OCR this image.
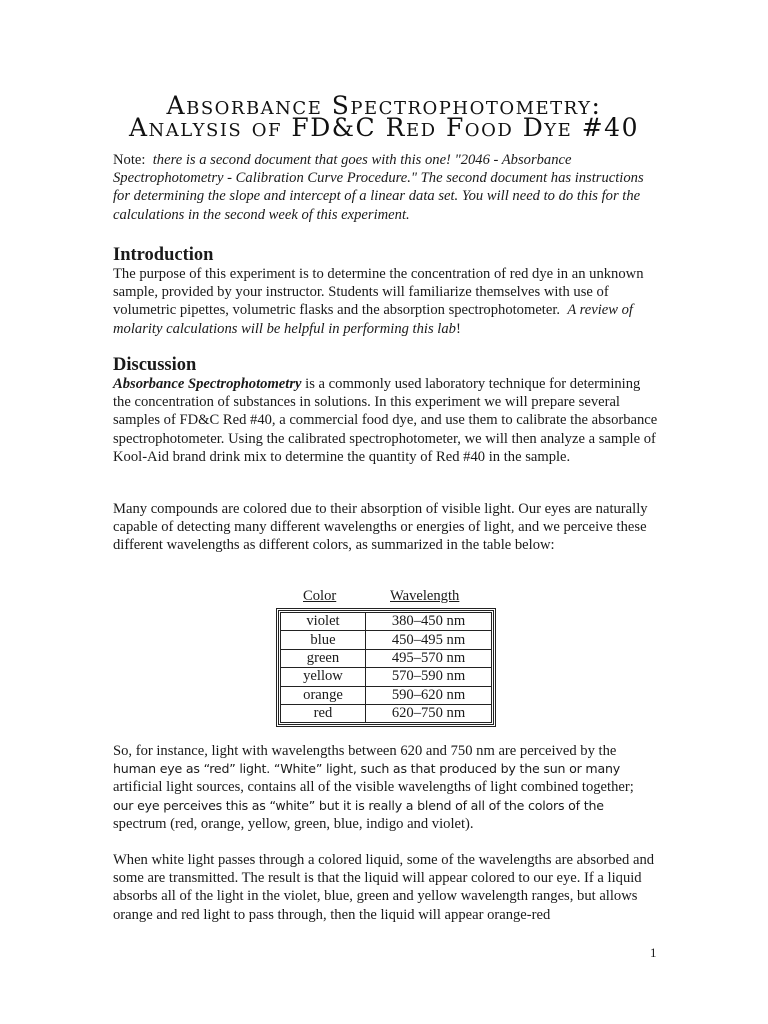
Absorbance Spectrophotometry:
Analysis of FD&C Red Food Dye #40
Note: there is a second document that goes with this one! "2046 - Absorbance Spectrophotometry - Calibration Curve Procedure." The second document has instructions for determining the slope and intercept of a linear data set. You will need to do this for the calculations in the second week of this experiment.
Introduction
The purpose of this experiment is to determine the concentration of red dye in an unknown sample, provided by your instructor. Students will familiarize themselves with use of volumetric pipettes, volumetric flasks and the absorption spectrophotometer. A review of molarity calculations will be helpful in performing this lab!
Discussion
Absorbance Spectrophotometry is a commonly used laboratory technique for determining the concentration of substances in solutions. In this experiment we will prepare several samples of FD&C Red #40, a commercial food dye, and use them to calibrate the absorbance spectrophotometer. Using the calibrated spectrophotometer, we will then analyze a sample of Kool-Aid brand drink mix to determine the quantity of Red #40 in the sample.
Many compounds are colored due to their absorption of visible light. Our eyes are naturally capable of detecting many different wavelengths or energies of light, and we perceive these different wavelengths as different colors, as summarized in the table below:
Color	Wavelength
violet	380–450 nm
blue	450–495 nm
green	495–570 nm
yellow	570–590 nm
orange	590–620 nm
red	620–750 nm
So, for instance, light with wavelengths between 620 and 750 nm are perceived by the
human eye as “red” light. “White” light, such as that produced by the sun or many
artificial light sources, contains all of the visible wavelengths of light combined together;
our eye perceives this as “white” but it is really a blend of all of the colors of the
spectrum (red, orange, yellow, green, blue, indigo and violet).
When white light passes through a colored liquid, some of the wavelengths are absorbed and some are transmitted. The result is that the liquid will appear colored to our eye. If a liquid absorbs all of the light in the violet, blue, green and yellow wavelength ranges, but allows orange and red light to pass through, then the liquid will appear orange-red
1
